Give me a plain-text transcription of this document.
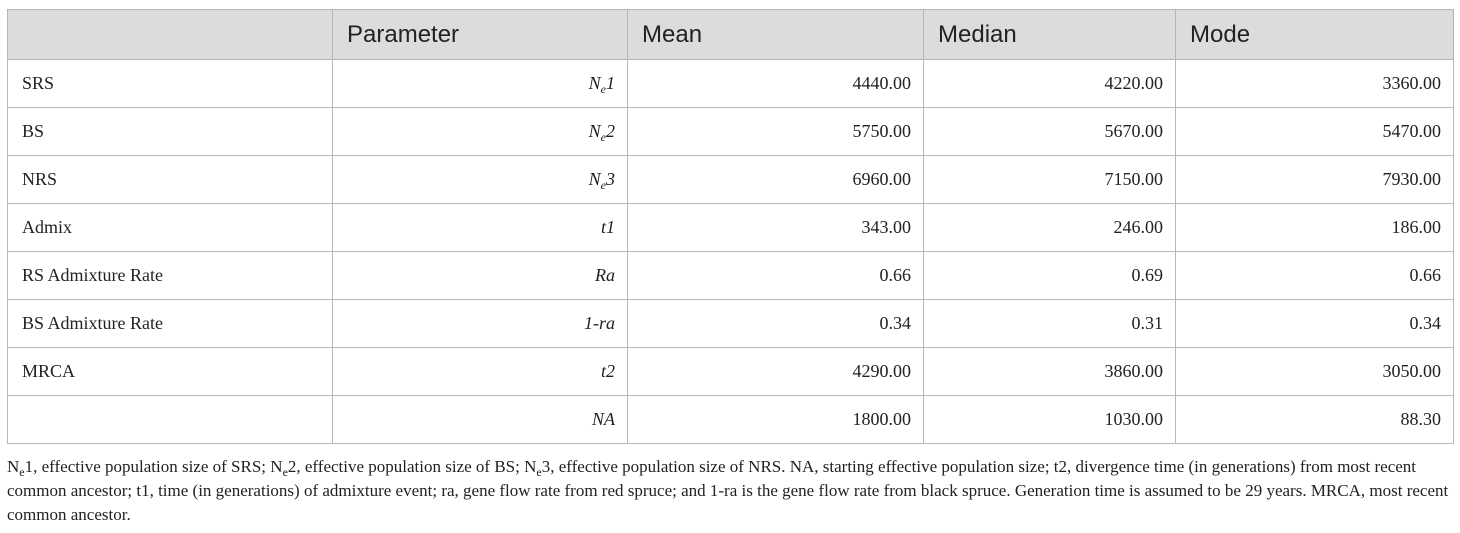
	Parameter	Mean	Median	Mode
SRS	$N_e1$	4440.00	4220.00	3360.00
BS	$N_e2$	5750.00	5670.00	5470.00
NRS	$N_e3$	6960.00	7150.00	7930.00
Admix	t1	343.00	246.00	186.00
RS Admixture Rate	Ra	0.66	0.69	0.66
BS Admixture Rate	1-ra	0.34	0.31	0.34
MRCA	t2	4290.00	3860.00	3050.00
	NA	1800.00	1030.00	88.30

$N_e1$, effective population size of SRS; $N_e2$, effective population size of BS; $N_e3$, effective population size of NRS. NA, starting effective population size; t2, divergence time (in generations) from most recent common ancestor; t1, time (in generations) of admixture event; ra, gene flow rate from red spruce; and 1-ra is the gene flow rate from black spruce. Generation time is assumed to be 29 years. MRCA, most recent common ancestor.
